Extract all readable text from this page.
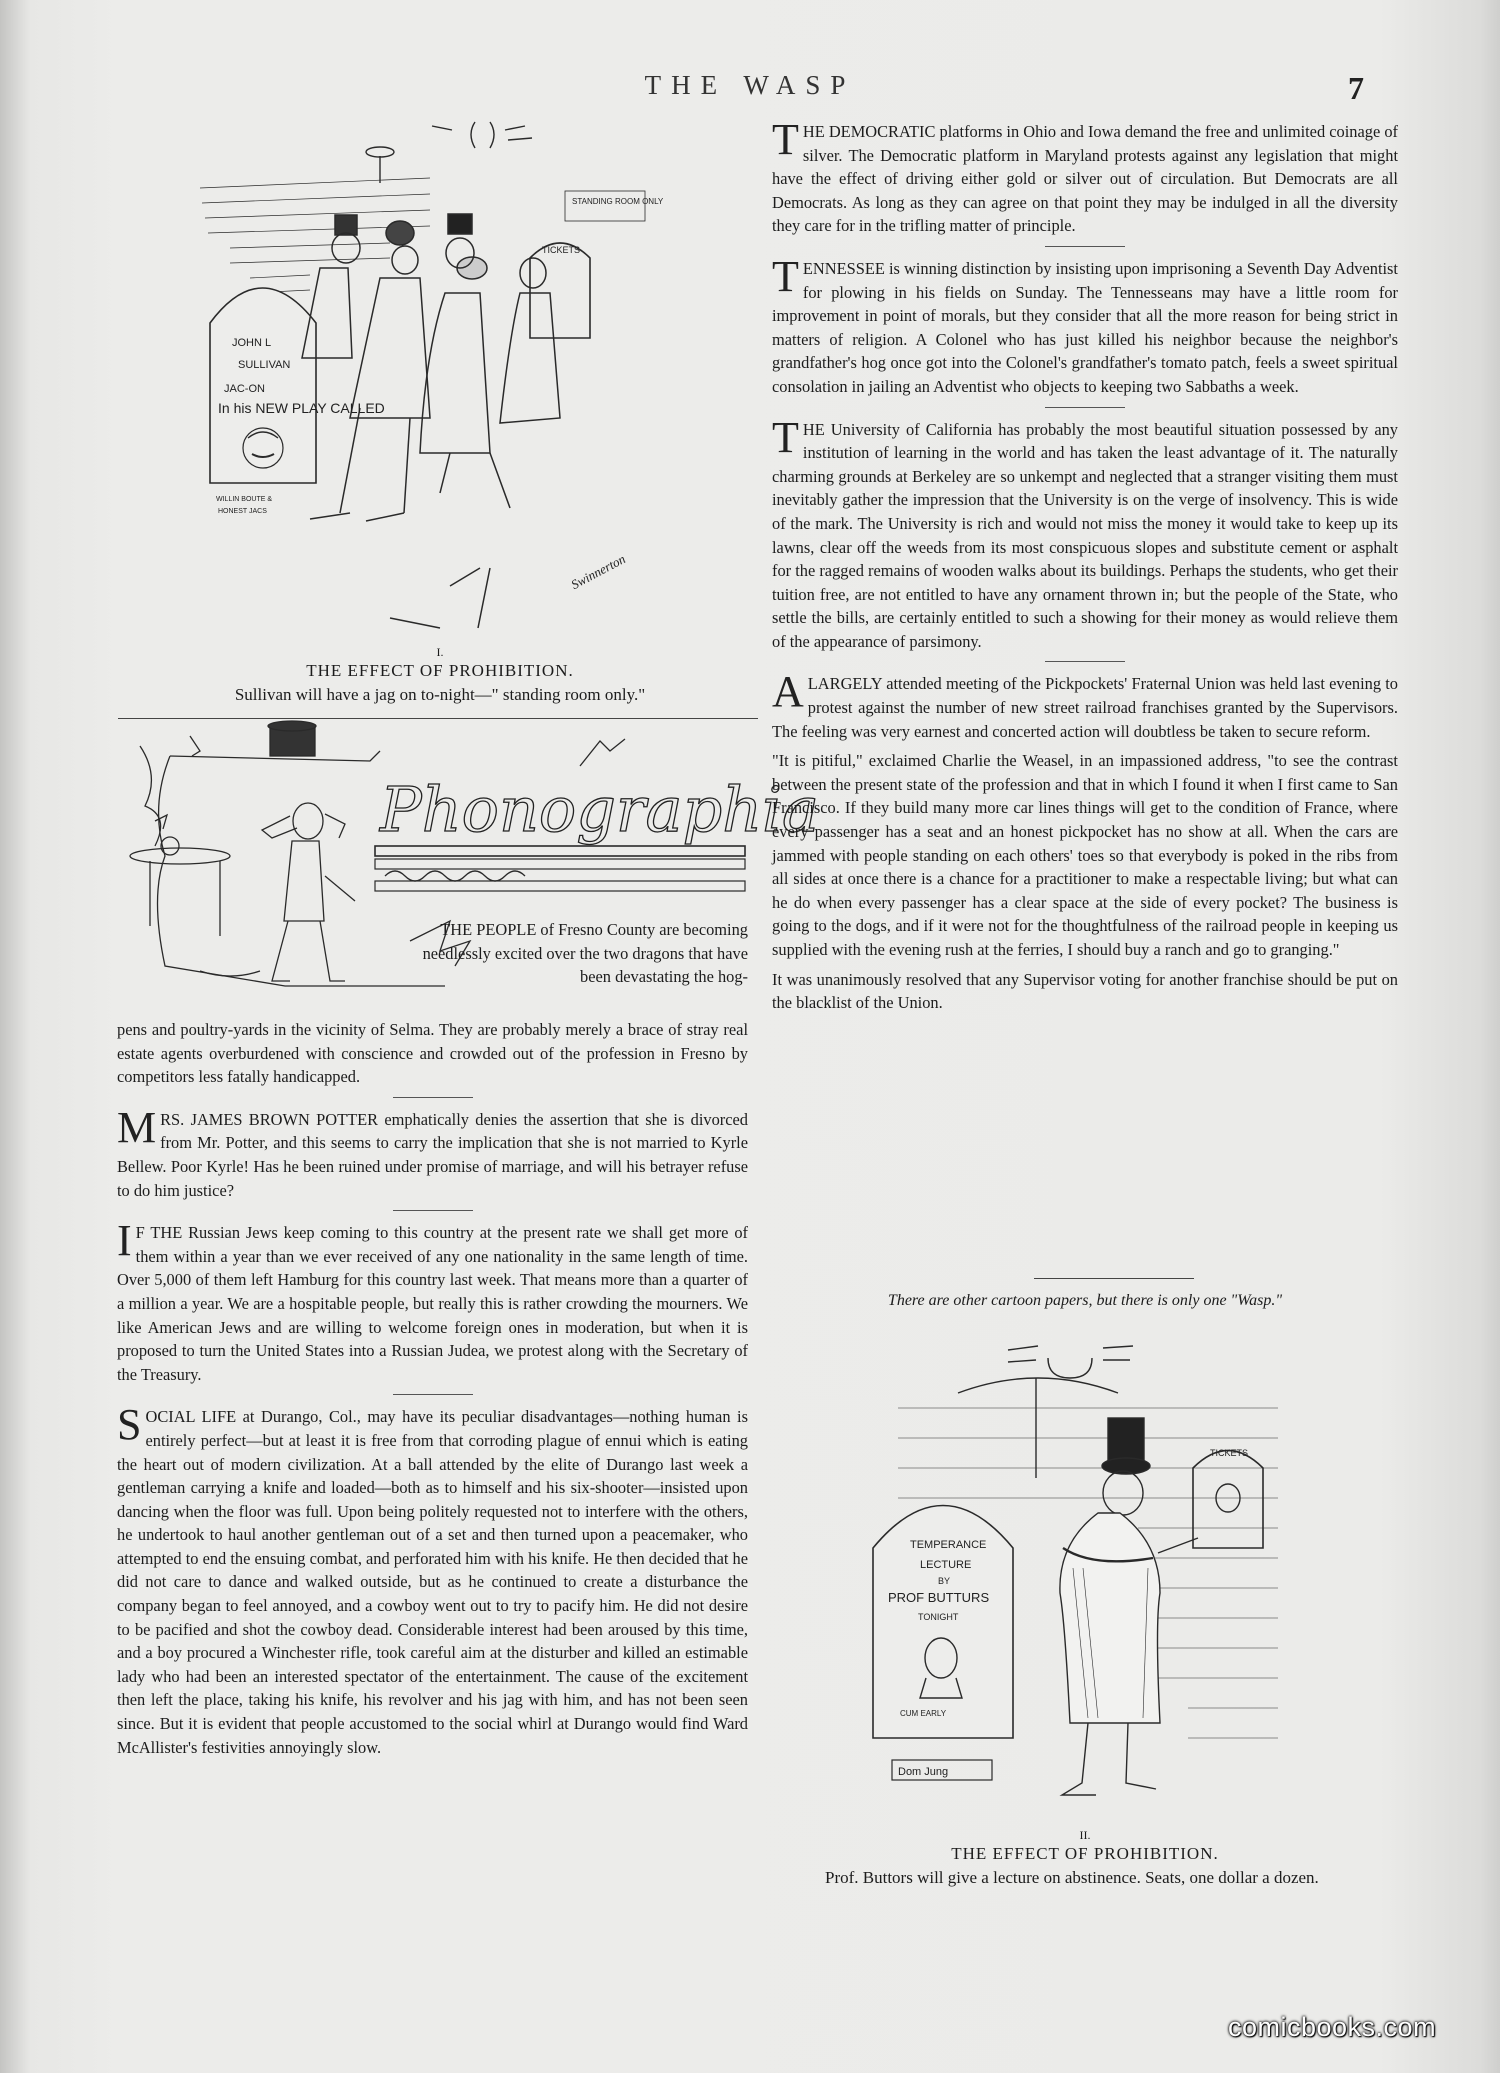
THE WASP	7
STANDING ROOM ONLY
TICKETS
Swinnerton
JOHN L
SULLIVAN
JAC-ON
In his NEW PLAY CALLED
WILLIN BOUTE &
HONEST JACS
I.
THE EFFECT OF PROHIBITION.
Sullivan will have a jag on to-night—" standing room only."
Phonographia
THE PEOPLE of Fresno County are becoming needlessly excited over the two dragons that have been devastating the hog-

pens and poultry-yards in the vicinity of Selma. They are probably merely a brace of stray real estate agents overburdened with conscience and crowded out of the profession in Fresno by competitors less fatally handicapped.

MRS. JAMES BROWN POTTER emphatically denies the assertion that she is divorced from Mr. Potter, and this seems to carry the implication that she is not married to Kyrle Bellew. Poor Kyrle! Has he been ruined under promise of marriage, and will his betrayer refuse to do him justice?

I F THE Russian Jews keep coming to this country at the present rate we shall get more of them within a year than we ever received of any one nationality in the same length of time. Over 5,000 of them left Hamburg for this country last week. That means more than a quarter of a million a year. We are a hospitable people, but really this is rather crowding the mourners. We like American Jews and are willing to welcome foreign ones in moderation, but when it is proposed to turn the United States into a Russian Judea, we protest along with the Secretary of the Treasury.

SOCIAL LIFE at Durango, Col., may have its peculiar disadvantages—nothing human is entirely perfect—but at least it is free from that corroding plague of ennui which is eating the heart out of modern civilization. At a ball attended by the elite of Durango last week a gentleman carrying a knife and loaded—both as to himself and his six-shooter—insisted upon dancing when the floor was full. Upon being politely requested not to interfere with the others, he undertook to haul another gentleman out of a set and then turned upon a peacemaker, who attempted to end the ensuing combat, and perforated him with his knife. He then decided that he did not care to dance and walked outside, but as he continued to create a disturbance the company began to feel annoyed, and a cowboy went out to try to pacify him. He did not desire to be pacified and shot the cowboy dead. Considerable interest had been aroused by this time, and a boy procured a Winchester rifle, took careful aim at the disturber and killed an estimable lady who had been an interested spectator of the entertainment. The cause of the excitement then left the place, taking his knife, his revolver and his jag with him, and has not been seen since. But it is evident that people accustomed to the social whirl at Durango would find Ward McAllister's festivities annoyingly slow.

THE DEMOCRATIC platforms in Ohio and Iowa demand the free and unlimited coinage of silver. The Democratic platform in Maryland protests against any legislation that might have the effect of driving either gold or silver out of circulation. But Democrats are all Democrats. As long as they can agree on that point they may be indulged in all the diversity they care for in the trifling matter of principle.

TENNESSEE is winning distinction by insisting upon imprisoning a Seventh Day Adventist for plowing in his fields on Sunday. The Tennesseans may have a little room for improvement in point of morals, but they consider that all the more reason for being strict in matters of religion. A Colonel who has just killed his neighbor because the neighbor's grandfather's hog once got into the Colonel's grandfather's tomato patch, feels a sweet spiritual consolation in jailing an Adventist who objects to keeping two Sabbaths a week.

THE University of California has probably the most beautiful situation possessed by any institution of learning in the world and has taken the least advantage of it. The naturally charming grounds at Berkeley are so unkempt and neglected that a stranger visiting them must inevitably gather the impression that the University is on the verge of insolvency. This is wide of the mark. The University is rich and would not miss the money it would take to keep up its lawns, clear off the weeds from its most conspicuous slopes and substitute cement or asphalt for the ragged remains of wooden walks about its buildings. Perhaps the students, who get their tuition free, are not entitled to have any ornament thrown in; but the people of the State, who settle the bills, are certainly entitled to such a showing for their money as would relieve them of the appearance of parsimony.

ALARGELY attended meeting of the Pickpockets' Fraternal Union was held last evening to protest against the number of new street railroad franchises granted by the Supervisors. The feeling was very earnest and concerted action will doubtless be taken to secure reform.

"It is pitiful," exclaimed Charlie the Weasel, in an impassioned address, "to see the contrast between the present state of the profession and that in which I found it when I first came to San Francisco. If they build many more car lines things will get to the condition of France, where every passenger has a seat and an honest pickpocket has no show at all. When the cars are jammed with people standing on each others' toes so that everybody is poked in the ribs from all sides at once there is a chance for a practitioner to make a respectable living; but what can he do when every passenger has a clear space at the side of every pocket? The business is going to the dogs, and if it were not for the thoughtfulness of the railroad people in keeping us supplied with the evening rush at the ferries, I should buy a ranch and go to granging."

It was unanimously resolved that any Supervisor voting for another franchise should be put on the blacklist of the Union.

There are other cartoon papers, but there is only one "Wasp."
TICKETS
Dom Jung
TEMPERANCE
LECTURE
BY
PROF BUTTURS
TONIGHT
CUM EARLY
II.
THE EFFECT OF PROHIBITION.
Prof. Buttors will give a lecture on abstinence. Seats, one dollar a dozen.
comicbooks.com
